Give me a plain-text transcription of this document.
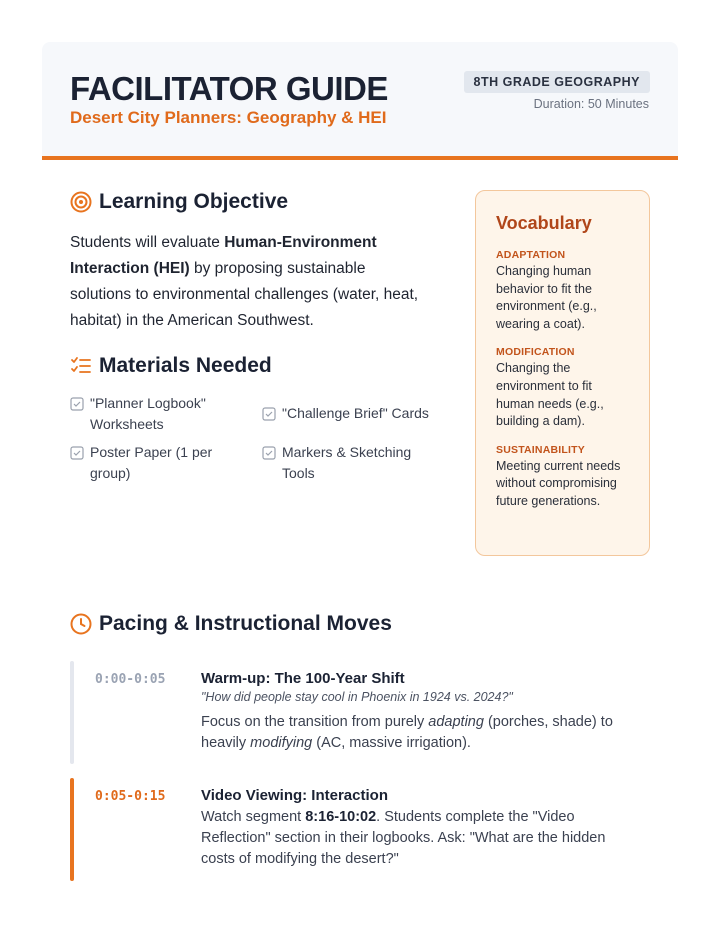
FACILITATOR GUIDE
Desert City Planners: Geography & HEI
8TH GRADE GEOGRAPHY
Duration: 50 Minutes
Learning Objective
Students will evaluate Human-Environment Interaction (HEI) by proposing sustainable solutions to environmental challenges (water, heat, habitat) in the American Southwest.
Materials Needed
"Planner Logbook" Worksheets
"Challenge Brief" Cards
Poster Paper (1 per group)
Markers & Sketching Tools
Vocabulary
ADAPTATION
Changing human behavior to fit the environment (e.g., wearing a coat).
MODIFICATION
Changing the environment to fit human needs (e.g., building a dam).
SUSTAINABILITY
Meeting current needs without compromising future generations.
Pacing & Instructional Moves
0:00-0:05 Warm-up: The 100-Year Shift
"How did people stay cool in Phoenix in 1924 vs. 2024?"
Focus on the transition from purely adapting (porches, shade) to heavily modifying (AC, massive irrigation).
0:05-0:15 Video Viewing: Interaction
Watch segment 8:16-10:02. Students complete the "Video Reflection" section in their logbooks. Ask: "What are the hidden costs of modifying the desert?"
